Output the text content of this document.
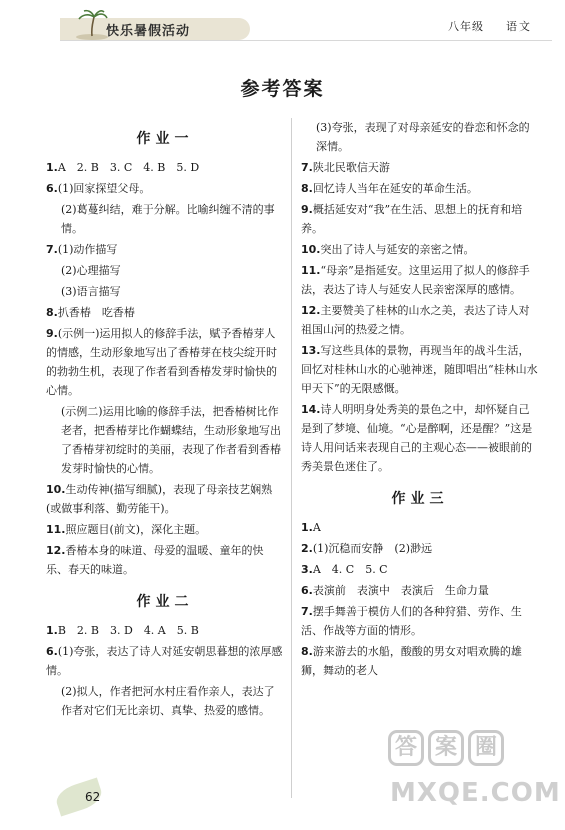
快乐暑假活动	八年级 语文
参考答案
作业一
1.A　2. B　3. C　4. B　5. D
6.(1)回家探望父母。
(2)葛蔓纠结，难于分解。比喻纠缠不清的事情。
7.(1)动作描写
(2)心理描写
(3)语言描写
8.扒香椿　吃香椿
9.(示例一)运用拟人的修辞手法，赋予香椿芽人的情感，生动形象地写出了香椿芽在枝尖绽开时的勃勃生机，表现了作者看到香椿发芽时愉快的心情。
(示例二)运用比喻的修辞手法，把香椿树比作老者，把香椿芽比作蝴蝶结，生动形象地写出了香椿芽初绽时的美丽，表现了作者看到香椿发芽时愉快的心情。
10.生动传神(描写细腻)，表现了母亲技艺娴熟(或做事利落、勤劳能干)。
11.照应题目(前文)，深化主题。
12.香椿本身的味道、母爱的温暖、童年的快乐、春天的味道。
作业二
1.B　2. B　3. D　4. A　5. B
6.(1)夸张，表达了诗人对延安朝思暮想的浓厚感情。
(2)拟人，作者把河水村庄看作亲人，表达了作者对它们无比亲切、真挚、热爱的感情。
(3)夸张，表现了对母亲延安的眷恋和怀念的深情。
7.陕北民歌信天游
8.回忆诗人当年在延安的革命生活。
9.概括延安对“我”在生活、思想上的抚育和培养。
10.突出了诗人与延安的亲密之情。
11.“母亲”是指延安。这里运用了拟人的修辞手法，表达了诗人与延安人民亲密深厚的感情。
12.主要赞美了桂林的山水之美，表达了诗人对祖国山河的热爱之情。
13.写这些具体的景物，再现当年的战斗生活，回忆对桂林山水的心驰神迷，随即唱出“桂林山水甲天下”的无限感慨。
14.诗人明明身处秀美的景色之中，却怀疑自己是到了梦境、仙境。“心是醉啊，还是醒？”这是诗人用问话来表现自己的主观心态——被眼前的秀美景色迷住了。
作业三
1.A
2.(1)沉稳而安静　(2)渺远
3.A　4. C　5. C
6.表演前　表演中　表演后　生命力量
7.摆手舞善于模仿人们的各种狩猎、劳作、生活、作战等方面的情形。
8.游来游去的水船，酸酸的男女对唱欢腾的雄狮，舞动的老人
62
答 案 圈
MXQE.COM
